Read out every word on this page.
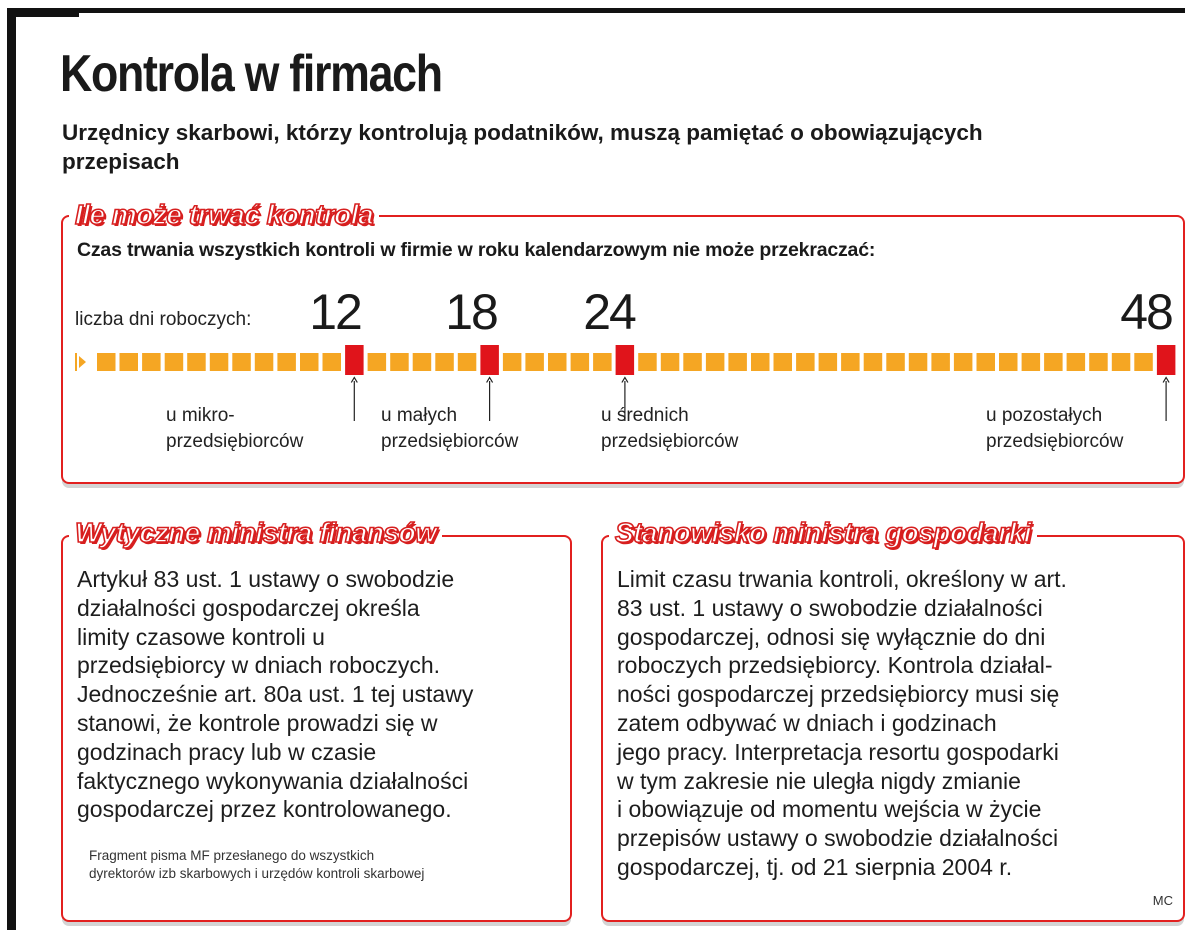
Kontrola w firmach

Urzędnicy skarbowi, którzy kontrolują podatników, muszą pamiętać o obowiązujących przepisach

Ile może trwać kontrola

Czas trwania wszystkich kontroli w firmie w roku kalendarzowym nie może przekraczać:

liczba dni roboczych: 12 18 24	48
u mikro-
przedsiębiorców
u małych
przedsiębiorców
u średnich
przedsiębiorców
u pozostałych
przedsiębiorców
Wytyczne ministra finansów
Artykuł 83 ust. 1 ustawy o swobodzie
działalności gospodarczej określa
limity czasowe kontroli u
przedsiębiorcy w dniach roboczych.
Jednocześnie art. 80a ust. 1 tej ustawy
stanowi, że kontrole prowadzi się w
godzinach pracy lub w czasie
faktycznego wykonywania działalności
gospodarczej przez kontrolowanego.
Fragment pisma MF przesłanego do wszystkich
dyrektorów izb skarbowych i urzędów kontroli skarbowej
Stanowisko ministra gospodarki
Limit czasu trwania kontroli, określony w art.
83 ust. 1 ustawy o swobodzie działalności
gospodarczej, odnosi się wyłącznie do dni
roboczych przedsiębiorcy. Kontrola działal-
ności gospodarczej przedsiębiorcy musi się
zatem odbywać w dniach i godzinach
jego pracy. Interpretacja resortu gospodarki
w tym zakresie nie uległa nigdy zmianie
i obowiązuje od momentu wejścia w życie
przepisów ustawy o swobodzie działalności
gospodarczej, tj. od 21 sierpnia 2004 r.
MC
